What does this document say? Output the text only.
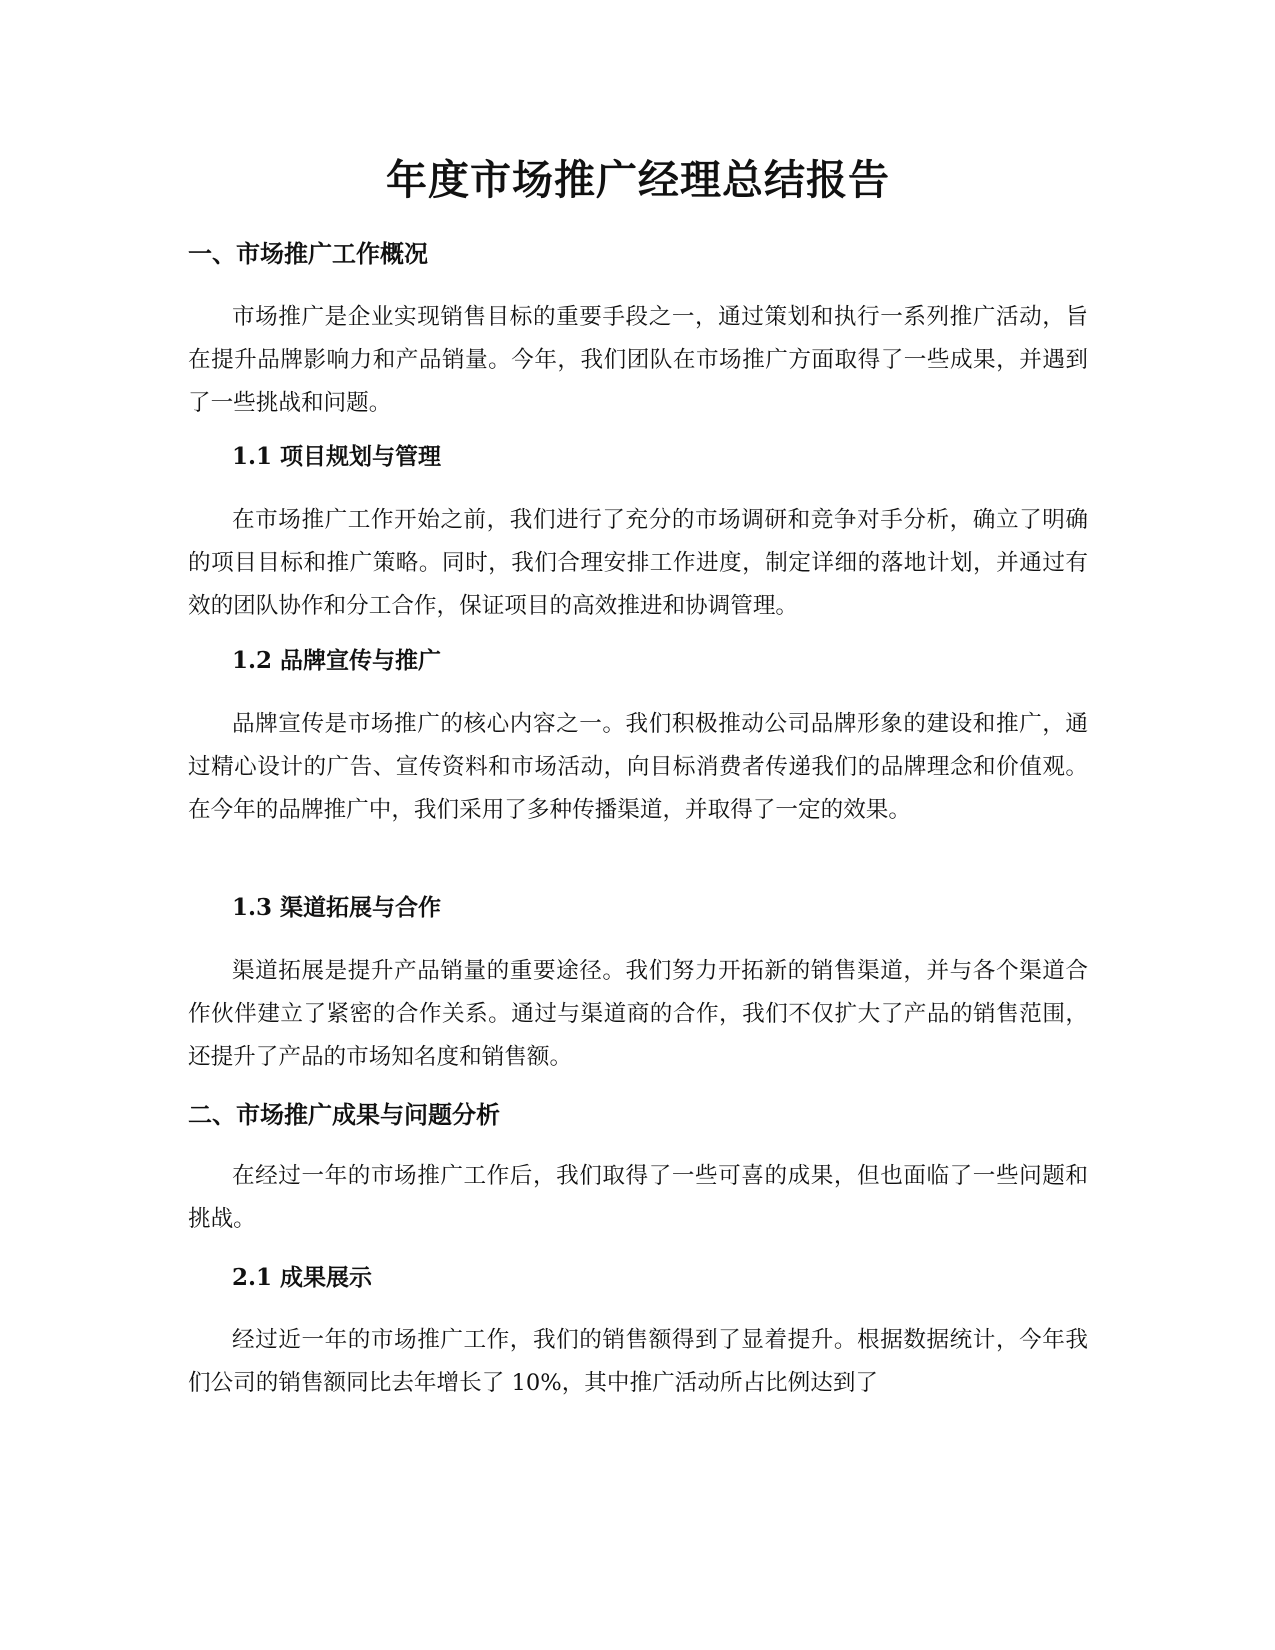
年度市场推广经理总结报告
一、市场推广工作概况

市场推广是企业实现销售目标的重要手段之一，通过策划和执行一系列推广活动，旨在提升品牌影响力和产品销量。今年，我们团队在市场推广方面取得了一些成果，并遇到了一些挑战和问题。

1.1 项目规划与管理

在市场推广工作开始之前，我们进行了充分的市场调研和竞争对手分析，确立了明确的项目目标和推广策略。同时，我们合理安排工作进度，制定详细的落地计划，并通过有效的团队协作和分工合作，保证项目的高效推进和协调管理。

1.2 品牌宣传与推广

品牌宣传是市场推广的核心内容之一。我们积极推动公司品牌形象的建设和推广，通过精心设计的广告、宣传资料和市场活动，向目标消费者传递我们的品牌理念和价值观。在今年的品牌推广中，我们采用了多种传播渠道，并取得了一定的效果。

1.3 渠道拓展与合作

渠道拓展是提升产品销量的重要途径。我们努力开拓新的销售渠道，并与各个渠道合作伙伴建立了紧密的合作关系。通过与渠道商的合作，我们不仅扩大了产品的销售范围，还提升了产品的市场知名度和销售额。

二、市场推广成果与问题分析

在经过一年的市场推广工作后，我们取得了一些可喜的成果，但也面临了一些问题和挑战。

2.1 成果展示

经过近一年的市场推广工作，我们的销售额得到了显着提升。根据数据统计，今年我们公司的销售额同比去年增长了 10%，其中推广活动所占比例达到了
